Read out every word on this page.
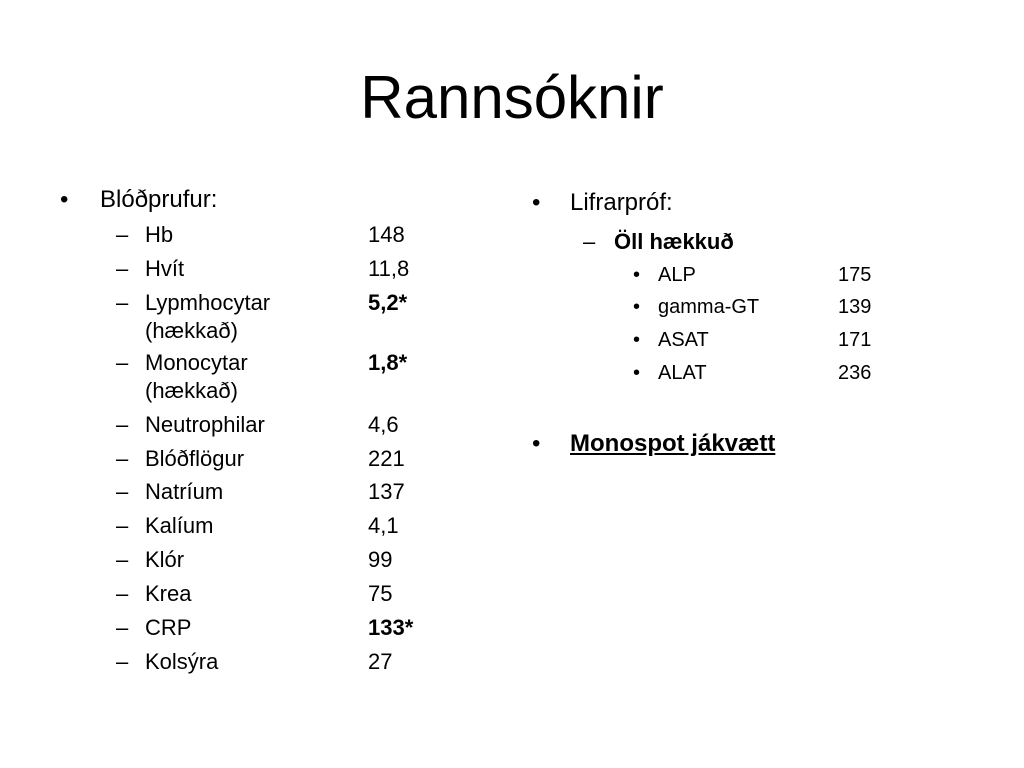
Rannsóknir
• Blóðprufur:
– Hb	148
– Hvít	11,8
– Lypmhocytar	5,2*
(hækkað)
– Monocytar	1,8*
(hækkað)
– Neutrophilar	4,6
– Blóðflögur	221
– Natríum	137
– Kalíum	4,1
– Klór	99
– Krea	75
– CRP	133*
– Kolsýra	27
• Lifrarpróf:
– Öll hækkuð
• ALP	175
• gamma-GT	139
• ASAT	171
• ALAT	236
• Monospot jákvætt
